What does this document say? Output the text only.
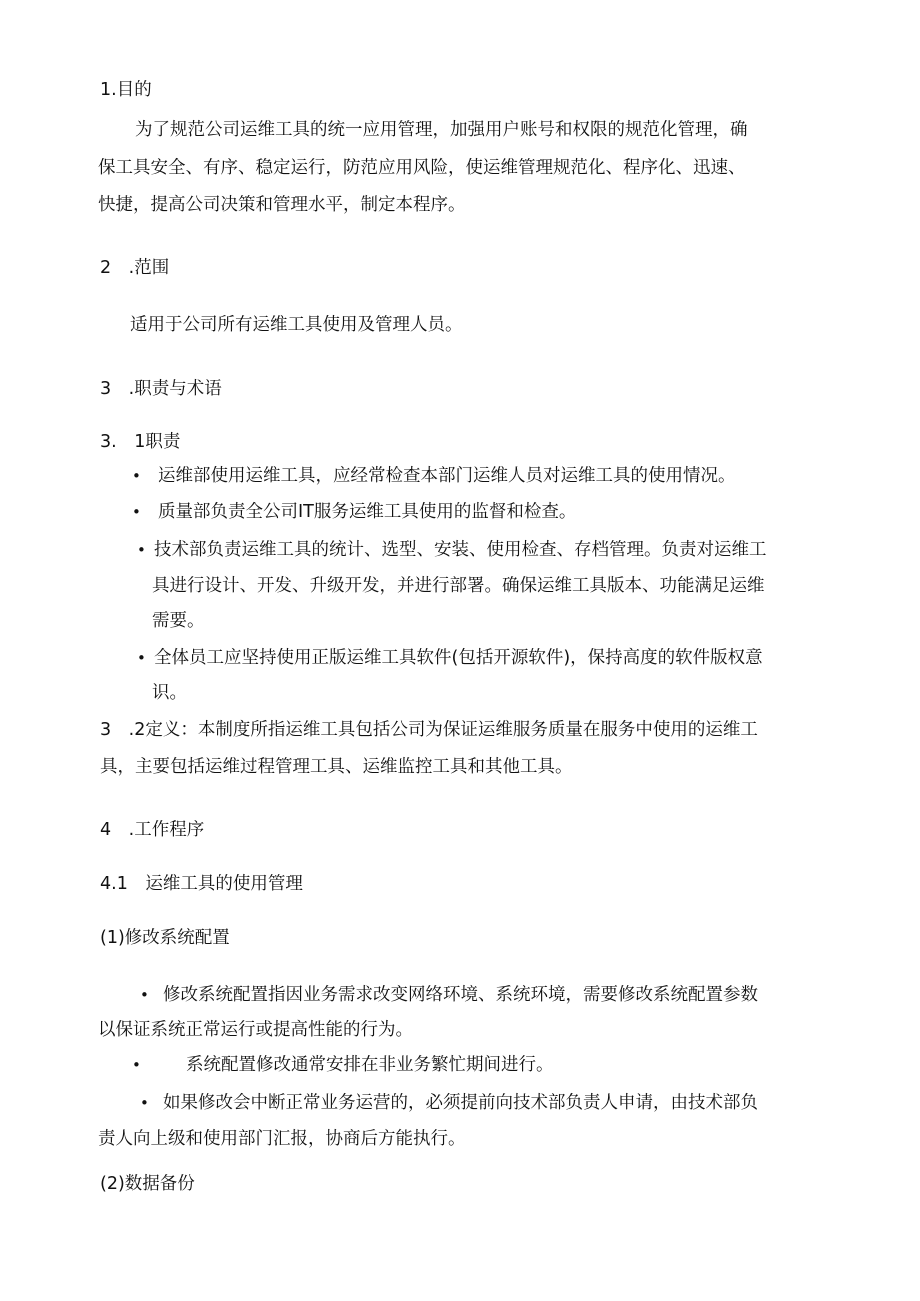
1.目的
为了规范公司运维工具的统一应用管理，加强用户账号和权限的规范化管理，确
保工具安全、有序、稳定运行，防范应用风险，使运维管理规范化、程序化、迅速、
快捷，提高公司决策和管理水平，制定本程序。
2　.范围
适用于公司所有运维工具使用及管理人员。
3　.职责与术语
3.　1职责
• 运维部使用运维工具，应经常检查本部门运维人员对运维工具的使用情况。
• 质量部负责全公司IT服务运维工具使用的监督和检查。
• 技术部负责运维工具的统计、选型、安装、使用检查、存档管理。负责对运维工
具进行设计、开发、升级开发，并进行部署。确保运维工具版本、功能满足运维
需要。
• 全体员工应坚持使用正版运维工具软件(包括开源软件)，保持高度的软件版权意
识。
3　.2定义：本制度所指运维工具包括公司为保证运维服务质量在服务中使用的运维工
具，主要包括运维过程管理工具、运维监控工具和其他工具。
4　.工作程序
4.1　运维工具的使用管理
(1)修改系统配置
• 修改系统配置指因业务需求改变网络环境、系统环境，需要修改系统配置参数
以保证系统正常运行或提高性能的行为。
•	系统配置修改通常安排在非业务繁忙期间进行。
• 如果修改会中断正常业务运营的，必须提前向技术部负责人申请，由技术部负
责人向上级和使用部门汇报，协商后方能执行。
(2)数据备份
